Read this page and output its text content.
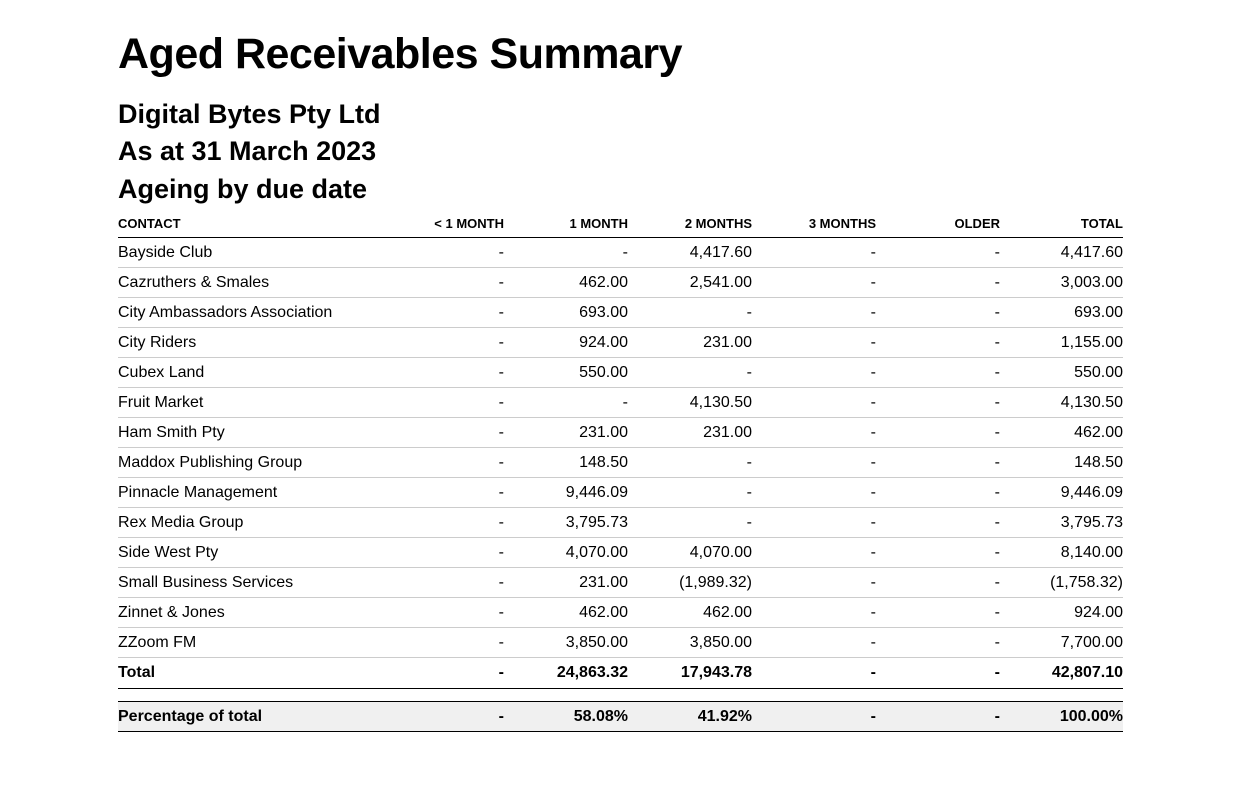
Aged Receivables Summary
Digital Bytes Pty Ltd
As at 31 March 2023
Ageing by due date
CONTACT	< 1 MONTH	1 MONTH	2 MONTHS	3 MONTHS	OLDER	TOTAL
Bayside Club	-	-	4,417.60	-	-	4,417.60
Cazruthers & Smales	-	462.00	2,541.00	-	-	3,003.00
City Ambassadors Association	-	693.00	-	-	-	693.00
City Riders	-	924.00	231.00	-	-	1,155.00
Cubex Land	-	550.00	-	-	-	550.00
Fruit Market	-	-	4,130.50	-	-	4,130.50
Ham Smith Pty	-	231.00	231.00	-	-	462.00
Maddox Publishing Group	-	148.50	-	-	-	148.50
Pinnacle Management	-	9,446.09	-	-	-	9,446.09
Rex Media Group	-	3,795.73	-	-	-	3,795.73
Side West Pty	-	4,070.00	4,070.00	-	-	8,140.00
Small Business Services	-	231.00	(1,989.32)	-	-	(1,758.32)
Zinnet & Jones	-	462.00	462.00	-	-	924.00
ZZoom FM	-	3,850.00	3,850.00	-	-	7,700.00
Total	-	24,863.32	17,943.78	-	-	42,807.10

Percentage of total	-	58.08%	41.92%	-	-	100.00%
